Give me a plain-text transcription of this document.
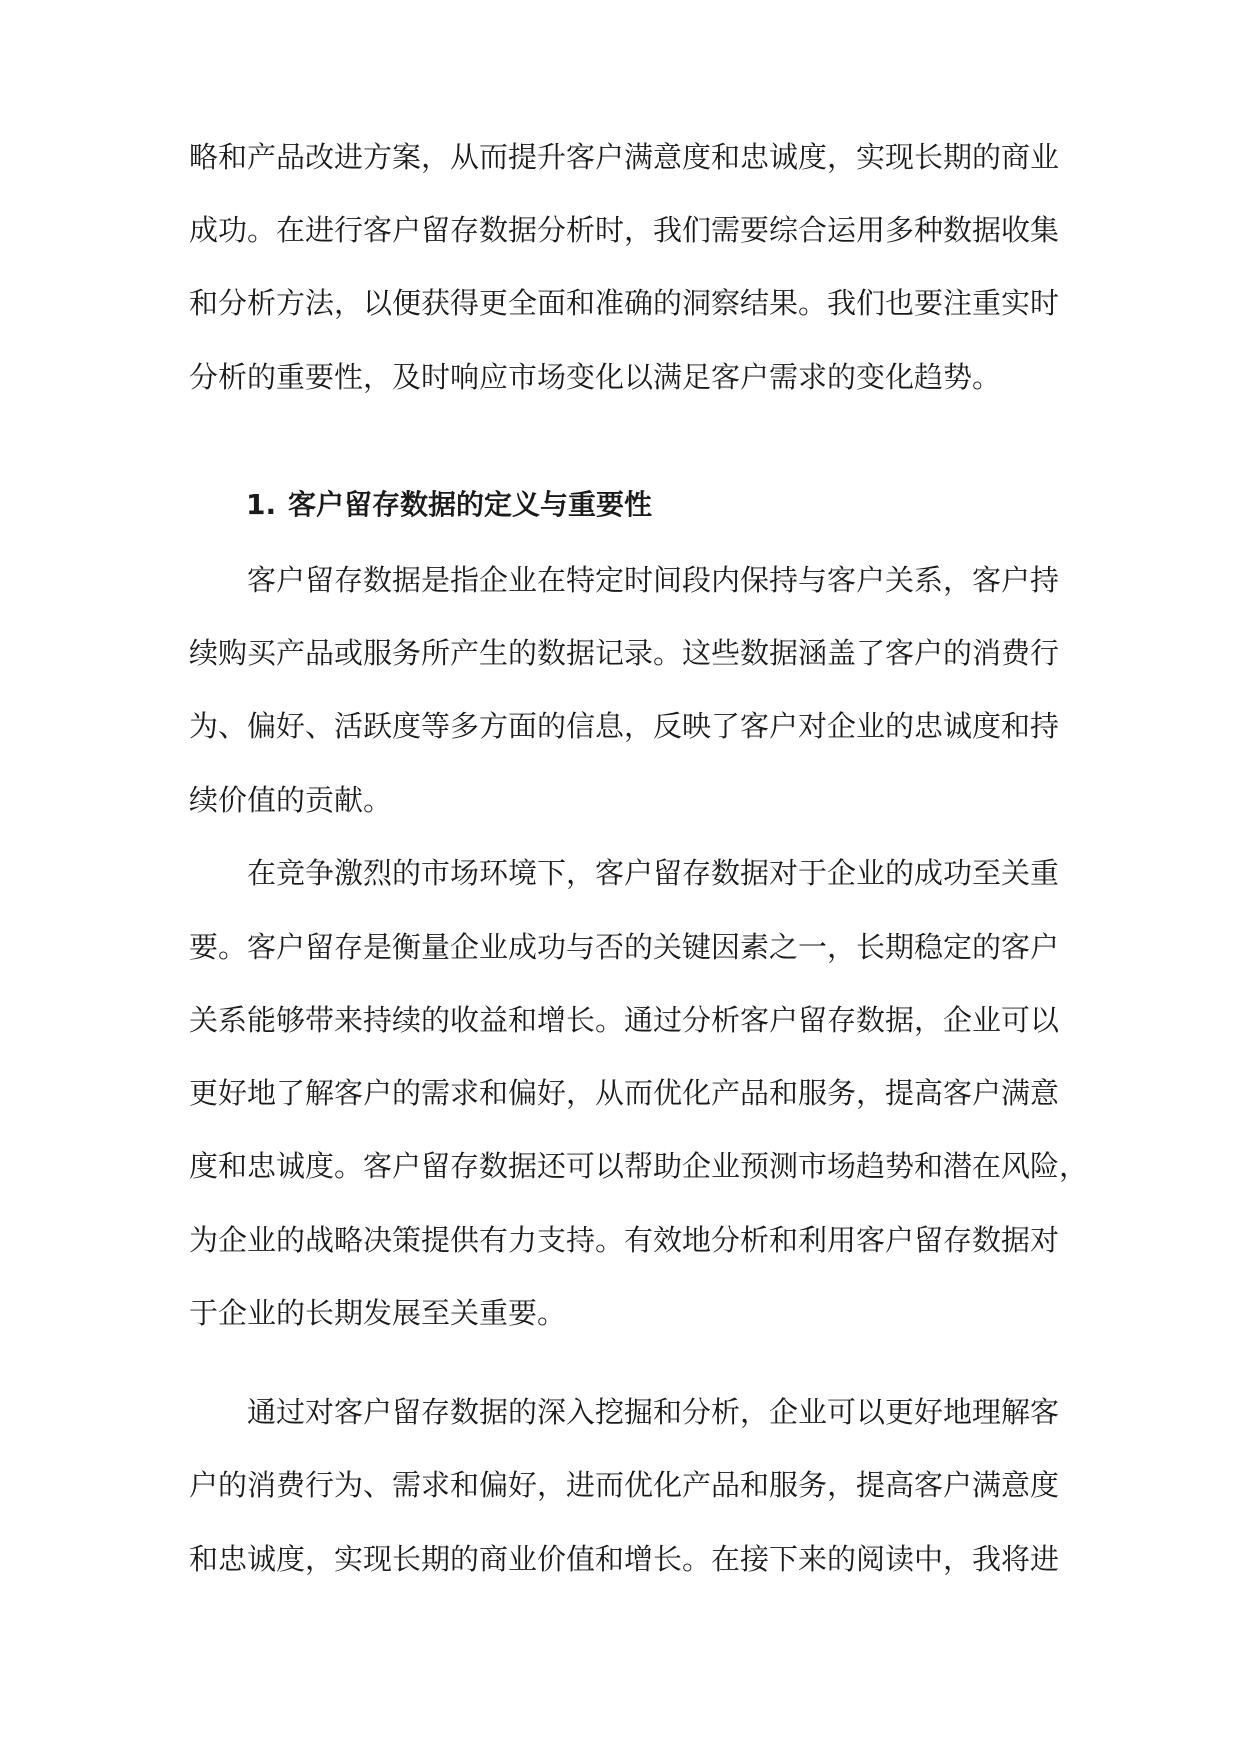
略和产品改进方案，从而提升客户满意度和忠诚度，实现长期的商业
成功。在进行客户留存数据分析时，我们需要综合运用多种数据收集
和分析方法，以便获得更全面和准确的洞察结果。我们也要注重实时
分析的重要性，及时响应市场变化以满足客户需求的变化趋势。
1. 客户留存数据的定义与重要性
客户留存数据是指企业在特定时间段内保持与客户关系，客户持
续购买产品或服务所产生的数据记录。这些数据涵盖了客户的消费行
为、偏好、活跃度等多方面的信息，反映了客户对企业的忠诚度和持
续价值的贡献。
在竞争激烈的市场环境下，客户留存数据对于企业的成功至关重
要。客户留存是衡量企业成功与否的关键因素之一，长期稳定的客户
关系能够带来持续的收益和增长。通过分析客户留存数据，企业可以
更好地了解客户的需求和偏好，从而优化产品和服务，提高客户满意
度和忠诚度。客户留存数据还可以帮助企业预测市场趋势和潜在风险，
为企业的战略决策提供有力支持。有效地分析和利用客户留存数据对
于企业的长期发展至关重要。
通过对客户留存数据的深入挖掘和分析，企业可以更好地理解客
户的消费行为、需求和偏好，进而优化产品和服务，提高客户满意度
和忠诚度，实现长期的商业价值和增长。在接下来的阅读中，我将进
